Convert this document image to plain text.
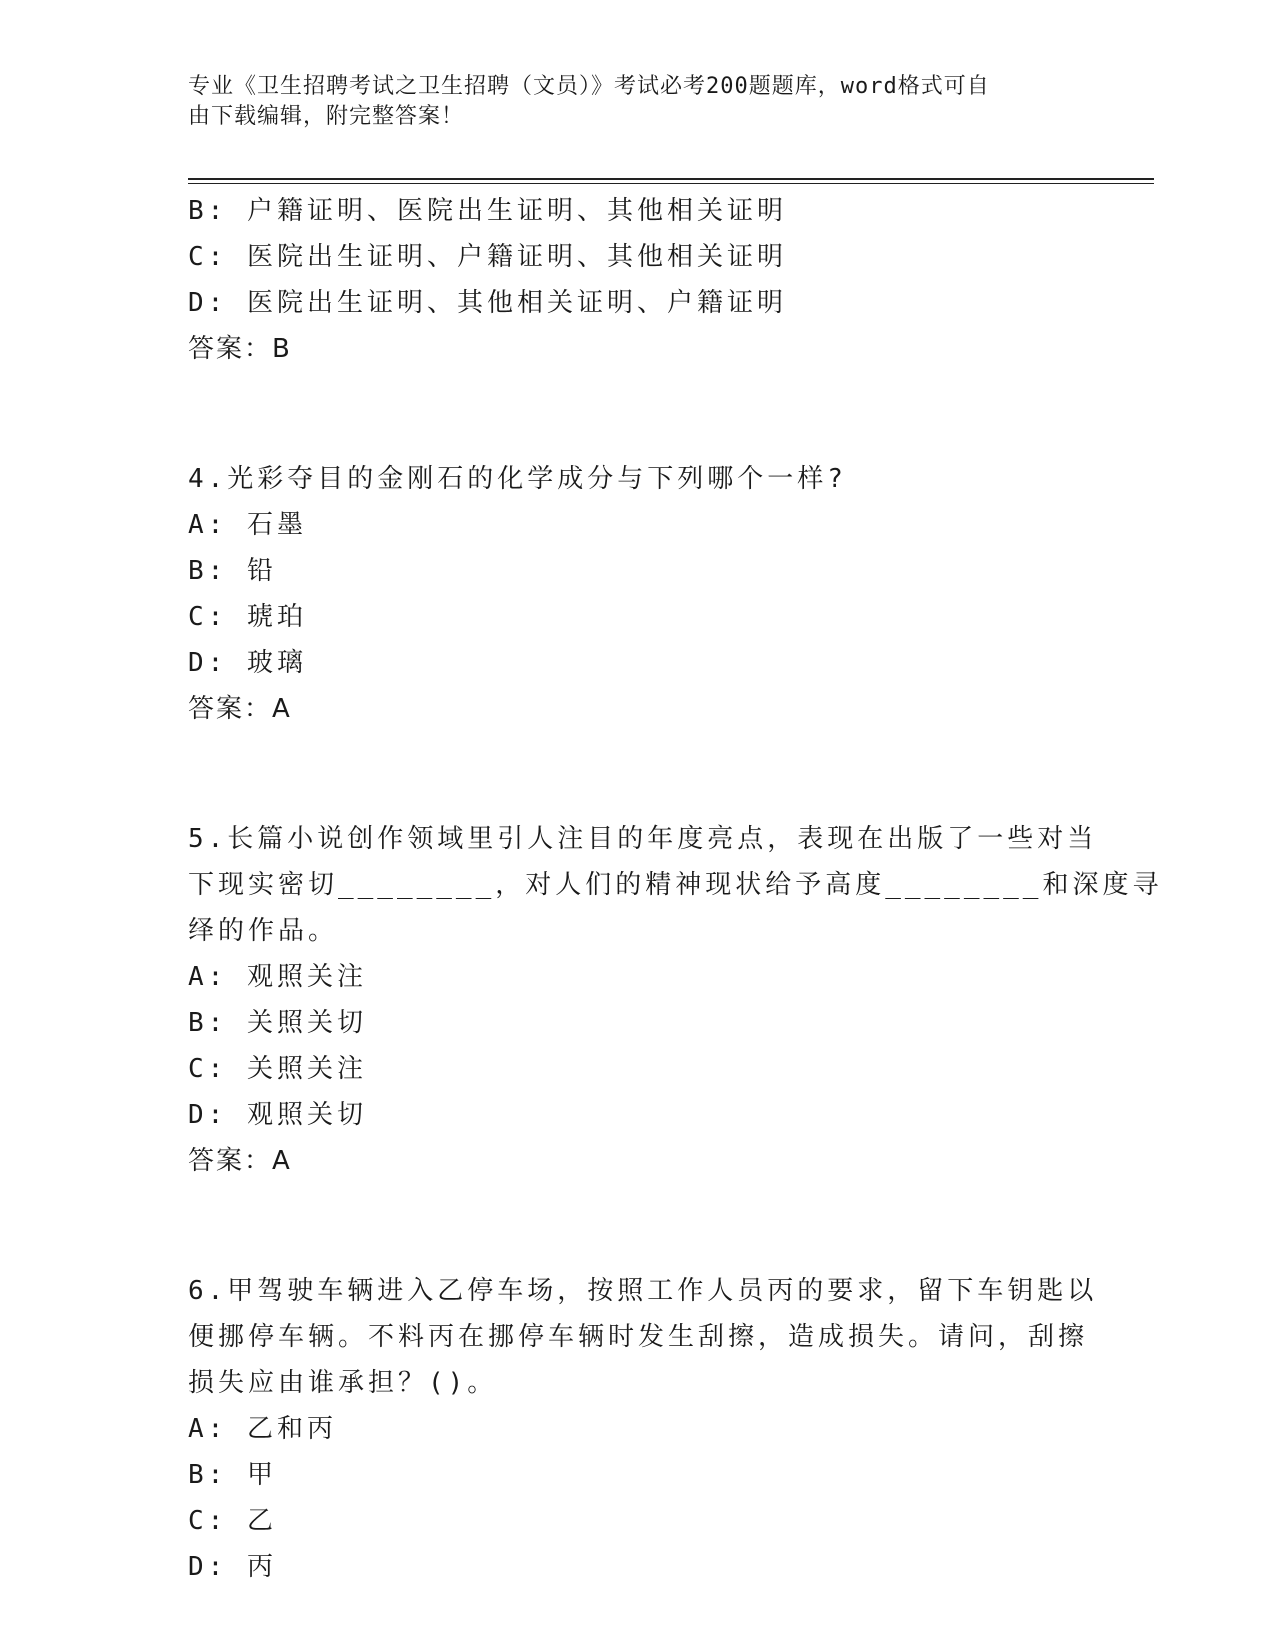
专业《卫生招聘考试之卫生招聘（文员）》考试必考200题题库，word格式可自
由下载编辑，附完整答案！
B: 户籍证明、医院出生证明、其他相关证明
C: 医院出生证明、户籍证明、其他相关证明
D: 医院出生证明、其他相关证明、户籍证明
答案：B
4.光彩夺目的金刚石的化学成分与下列哪个一样?
A: 石墨
B: 铅
C: 琥珀
D: 玻璃
答案：A
5.长篇小说创作领域里引人注目的年度亮点，表现在出版了一些对当
下现实密切________，对人们的精神现状给予高度________和深度寻
绎的作品。
A: 观照关注
B: 关照关切
C: 关照关注
D: 观照关切
答案：A
6.甲驾驶车辆进入乙停车场，按照工作人员丙的要求，留下车钥匙以
便挪停车辆。不料丙在挪停车辆时发生刮擦，造成损失。请问，刮擦
损失应由谁承担？()。
A: 乙和丙
B: 甲
C: 乙
D: 丙
